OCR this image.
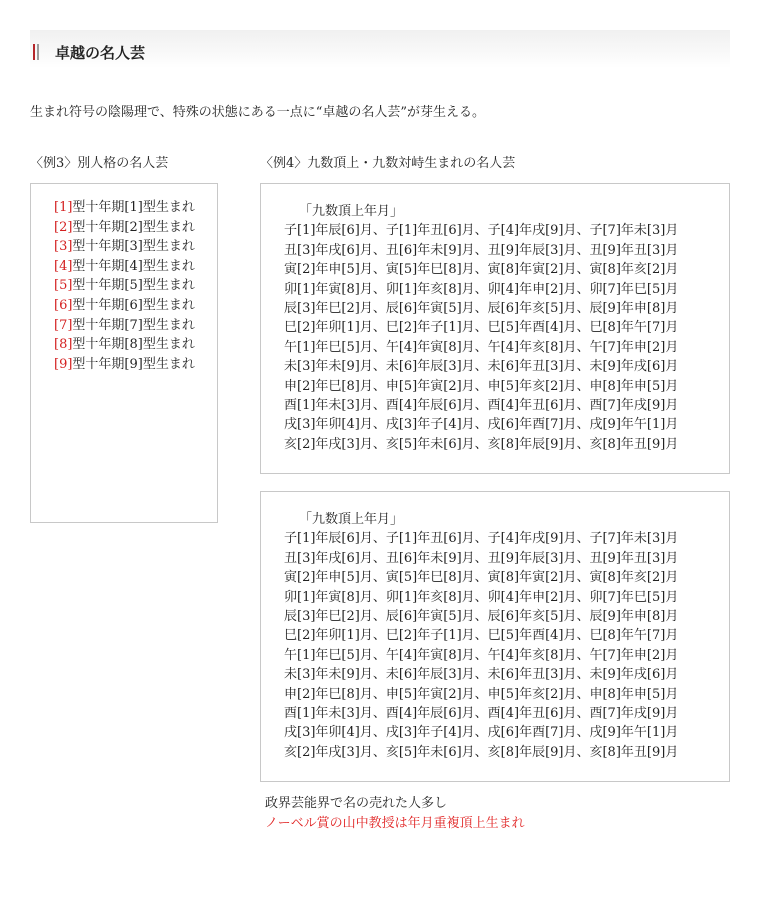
卓越の名人芸
生まれ符号の陰陽理で、特殊の状態にある一点に“卓越の名人芸”が芽生える。
〈例3〉別人格の名人芸	〈例4〉九数頂上・九数対峙生まれの名人芸
[1]型十年期[1]型生まれ
[2]型十年期[2]型生まれ
[3]型十年期[3]型生まれ
[4]型十年期[4]型生まれ
[5]型十年期[5]型生まれ
[6]型十年期[6]型生まれ
[7]型十年期[7]型生まれ
[8]型十年期[8]型生まれ
[9]型十年期[9]型生まれ
「九数頂上年月」
子[1]年辰[6]月、子[1]年丑[6]月、子[4]年戌[9]月、子[7]年未[3]月
丑[3]年戌[6]月、丑[6]年未[9]月、丑[9]年辰[3]月、丑[9]年丑[3]月
寅[2]年申[5]月、寅[5]年巳[8]月、寅[8]年寅[2]月、寅[8]年亥[2]月
卯[1]年寅[8]月、卯[1]年亥[8]月、卯[4]年申[2]月、卯[7]年巳[5]月
辰[3]年巳[2]月、辰[6]年寅[5]月、辰[6]年亥[5]月、辰[9]年申[8]月
巳[2]年卯[1]月、巳[2]年子[1]月、巳[5]年酉[4]月、巳[8]年午[7]月
午[1]年巳[5]月、午[4]年寅[8]月、午[4]年亥[8]月、午[7]年申[2]月
未[3]年未[9]月、未[6]年辰[3]月、未[6]年丑[3]月、未[9]年戌[6]月
申[2]年巳[8]月、申[5]年寅[2]月、申[5]年亥[2]月、申[8]年申[5]月
酉[1]年未[3]月、酉[4]年辰[6]月、酉[4]年丑[6]月、酉[7]年戌[9]月
戌[3]年卯[4]月、戌[3]年子[4]月、戌[6]年酉[7]月、戌[9]年午[1]月
亥[2]年戌[3]月、亥[5]年未[6]月、亥[8]年辰[9]月、亥[8]年丑[9]月
「九数頂上年月」
子[1]年辰[6]月、子[1]年丑[6]月、子[4]年戌[9]月、子[7]年未[3]月
丑[3]年戌[6]月、丑[6]年未[9]月、丑[9]年辰[3]月、丑[9]年丑[3]月
寅[2]年申[5]月、寅[5]年巳[8]月、寅[8]年寅[2]月、寅[8]年亥[2]月
卯[1]年寅[8]月、卯[1]年亥[8]月、卯[4]年申[2]月、卯[7]年巳[5]月
辰[3]年巳[2]月、辰[6]年寅[5]月、辰[6]年亥[5]月、辰[9]年申[8]月
巳[2]年卯[1]月、巳[2]年子[1]月、巳[5]年酉[4]月、巳[8]年午[7]月
午[1]年巳[5]月、午[4]年寅[8]月、午[4]年亥[8]月、午[7]年申[2]月
未[3]年未[9]月、未[6]年辰[3]月、未[6]年丑[3]月、未[9]年戌[6]月
申[2]年巳[8]月、申[5]年寅[2]月、申[5]年亥[2]月、申[8]年申[5]月
酉[1]年未[3]月、酉[4]年辰[6]月、酉[4]年丑[6]月、酉[7]年戌[9]月
戌[3]年卯[4]月、戌[3]年子[4]月、戌[6]年酉[7]月、戌[9]年午[1]月
亥[2]年戌[3]月、亥[5]年未[6]月、亥[8]年辰[9]月、亥[8]年丑[9]月
政界芸能界で名の売れた人多し
ノーベル賞の山中教授は年月重複頂上生まれ
